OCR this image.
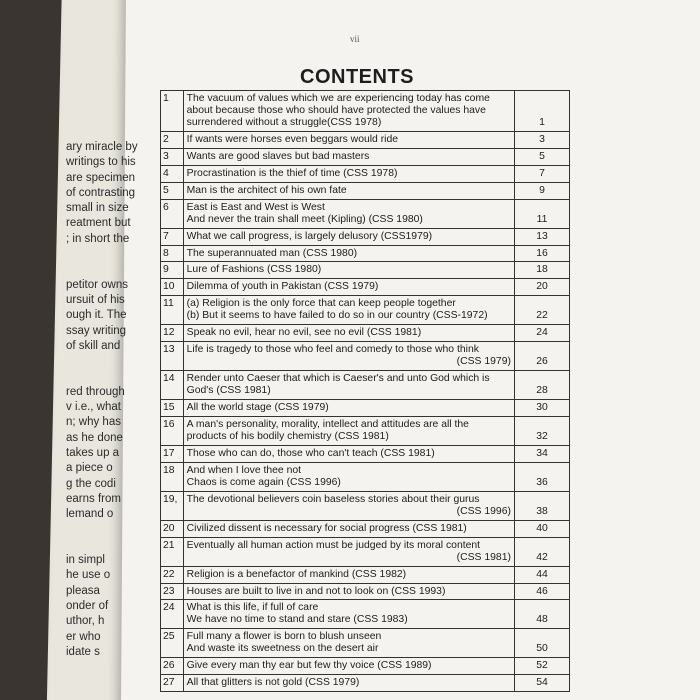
ary miracle by
writings to his
are specimen
of contrasting
small in size
reatment but
; in short the
petitor owns
ursuit of his
ough it. The
ssay writing
of skill and
red through
v i.e., what
n; why has
as he done
takes up a
a piece o
g the codi
earns from
lemand o
in simpl
he use o
pleasa
onder of
uthor, h
er who
idate s
vii
CONTENTS
1	The vacuum of values which we are experiencing today has come
about because those who should have protected the values have
surrendered without a struggle(CSS 1978)	1
2	If wants were horses even beggars would ride	3
3	Wants are good slaves but bad masters	5
4	Procrastination is the thief of time (CSS 1978)	7
5	Man is the architect of his own fate	9
6	East is East and West is West
And never the train shall meet (Kipling) (CSS 1980)	11
7	What we call progress, is largely delusory (CSS1979)	13
8	The superannuated man (CSS 1980)	16
9	Lure of Fashions (CSS 1980)	18
10	Dilemma of youth in Pakistan (CSS 1979)	20
11	(a) Religion is the only force that can keep people together
(b) But it seems to have failed to do so in our country (CSS-1972)	22
12	Speak no evil, hear no evil, see no evil (CSS 1981)	24
13	Life is tragedy to those who feel and comedy to those who think
(CSS 1979)	26
14	Render unto Caeser that which is Caeser's and unto God which is
God's (CSS 1981)	28
15	All the world stage (CSS 1979)	30
16	A man's personality, morality, intellect and attitudes are all the
products of his bodily chemistry (CSS 1981)	32
17	Those who can do, those who can't teach (CSS 1981)	34
18	And when I love thee not
Chaos is come again (CSS 1996)	36
19,	The devotional believers coin baseless stories about their gurus
(CSS 1996)	38
20	Civilized dissent is necessary for social progress (CSS 1981)	40
21	Eventually all human action must be judged by its moral content
(CSS 1981)	42
22	Religion is a benefactor of mankind (CSS 1982)	44
23	Houses are built to live in and not to look on (CSS 1993)	46
24	What is this life, if full of care
We have no time to stand and stare (CSS 1983)	48
25	Full many a flower is born to blush unseen
And waste its sweetness on the desert air	50
26	Give every man thy ear but few thy voice (CSS 1989)	52
27	All that glitters is not gold (CSS 1979)	54
